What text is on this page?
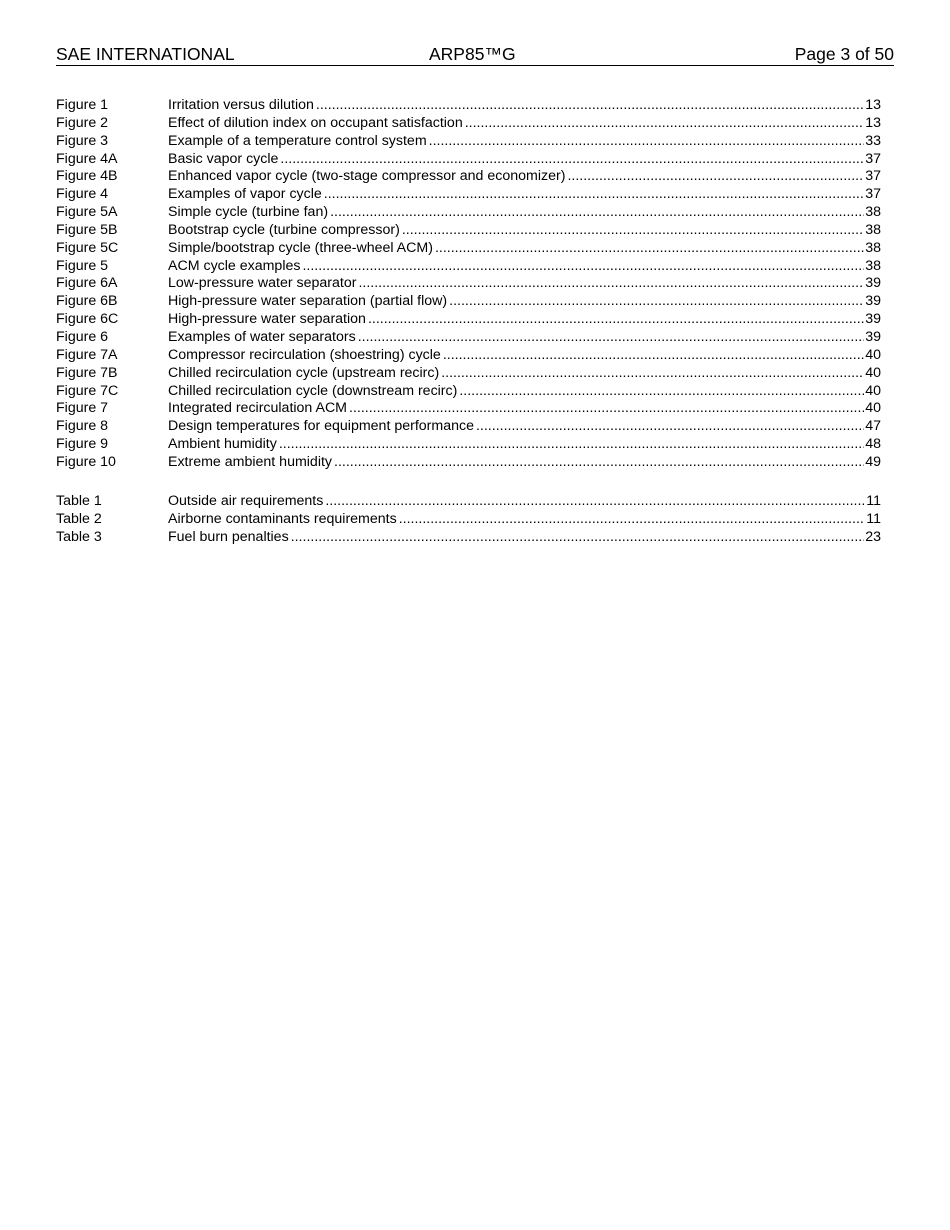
SAE INTERNATIONAL	ARP85™G	Page 3 of 50
Figure 1	Irritation versus dilution .....	13
Figure 2	Effect of dilution index on occupant satisfaction .....	13
Figure 3	Example of a temperature control system .....	33
Figure 4A	Basic vapor cycle .....	37
Figure 4B	Enhanced vapor cycle (two-stage compressor and economizer) .....	37
Figure 4	Examples of vapor cycle .....	37
Figure 5A	Simple cycle (turbine fan) .....	38
Figure 5B	Bootstrap cycle (turbine compressor) .....	38
Figure 5C	Simple/bootstrap cycle (three-wheel ACM) .....	38
Figure 5	ACM cycle examples .....	38
Figure 6A	Low-pressure water separator .....	39
Figure 6B	High-pressure water separation (partial flow) .....	39
Figure 6C	High-pressure water separation .....	39
Figure 6	Examples of water separators .....	39
Figure 7A	Compressor recirculation (shoestring) cycle .....	40
Figure 7B	Chilled recirculation cycle (upstream recirc) .....	40
Figure 7C	Chilled recirculation cycle (downstream recirc) .....	40
Figure 7	Integrated recirculation ACM .....	40
Figure 8	Design temperatures for equipment performance .....	47
Figure 9	Ambient humidity .....	48
Figure 10	Extreme ambient humidity .....	49
Table 1	Outside air requirements .....	11
Table 2	Airborne contaminants requirements .....	11
Table 3	Fuel burn penalties .....	23
